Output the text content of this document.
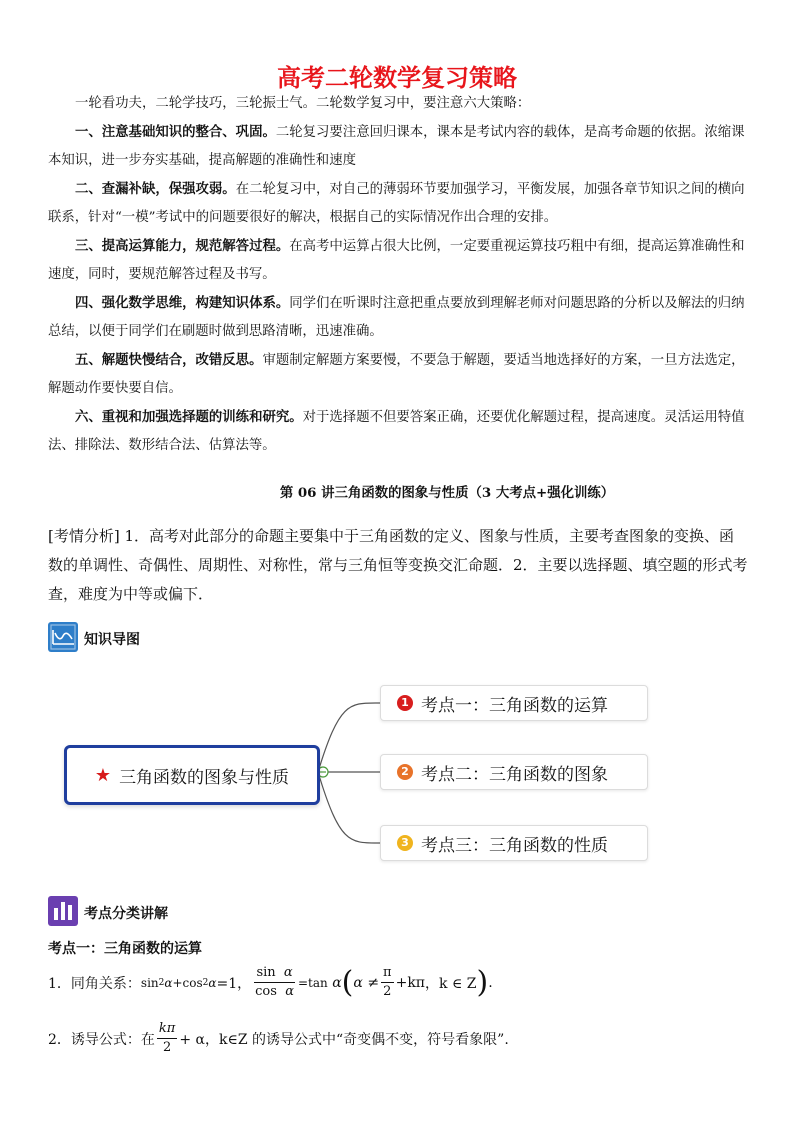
高考二轮数学复习策略

一轮看功夫，二轮学技巧，三轮振士气。二轮数学复习中，要注意六大策略：

一、注意基础知识的整合、巩固。二轮复习要注意回归课本，课本是考试内容的载体，是高考命题的依据。浓缩课本知识，进一步夯实基础，提高解题的准确性和速度

二、查漏补缺，保强攻弱。在二轮复习中，对自己的薄弱环节要加强学习，平衡发展，加强各章节知识之间的横向联系，针对“一模”考试中的问题要很好的解决，根据自己的实际情况作出合理的安排。

三、提高运算能力，规范解答过程。在高考中运算占很大比例，一定要重视运算技巧粗中有细，提高运算准确性和速度，同时，要规范解答过程及书写。

四、强化数学思维，构建知识体系。同学们在听课时注意把重点要放到理解老师对问题思路的分析以及解法的归纳总结，以便于同学们在刷题时做到思路清晰，迅速准确。

五、解题快慢结合，改错反思。审题制定解题方案要慢，不要急于解题，要适当地选择好的方案，一旦方法选定，解题动作要快要自信。

六、重视和加强选择题的训练和研究。对于选择题不但要答案正确，还要优化解题过程，提高速度。灵活运用特值法、排除法、数形结合法、估算法等。

第 06 讲三角函数的图象与性质（3 大考点+强化训练）
[考情分析] 1．高考对此部分的命题主要集中于三角函数的定义、图象与性质，主要考查图象的变换、函数的单调性、奇偶性、周期性、对称性，常与三角恒等变换交汇命题．2．主要以选择题、填空题的形式考查，难度为中等或偏下．
知识导图
★ 三角函数的图象与性质
1 考点一：三角函数的运算
2 考点二：三角函数的图象
3 考点三：三角函数的性质
考点分类讲解
考点一：三角函数的运算
1．同角关系： sin 2 α +cos 2 α =1， $\frac{\text{sin α}}{\text{cos α}} =\tan$
α ( α
≠ $\frac{\pi}{2} +k\pi$ ，k ∈ Z ) .
2．诱导公式：在 $\frac{k\pi}{2} + \alpha$， k∈Z 的诱导公式中“奇变偶不变，符号看象限”.
